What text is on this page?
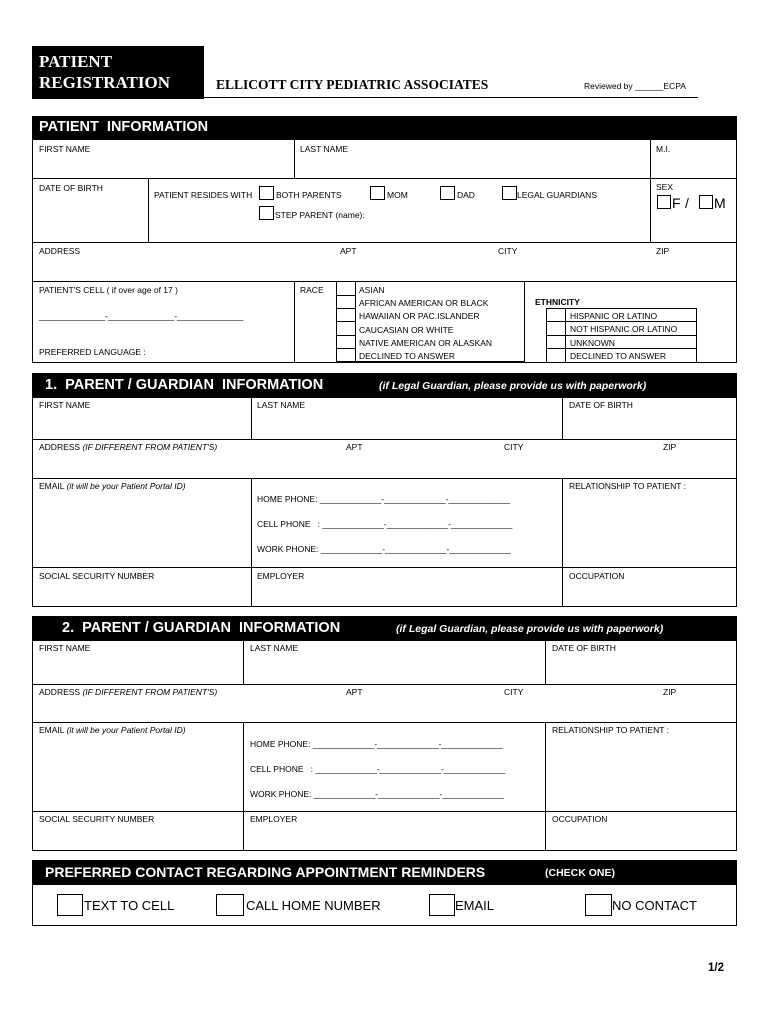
PATIENT
REGISTRATION	ELLICOTT CITY PEDIATRIC ASSOCIATES	Reviewed by ______ECPA
PATIENT  INFORMATION
FIRST NAME	LAST NAME	M.I.
DATE OF BIRTH
PATIENT RESIDES WITH	BOTH PARENTS	MOM	DAD	LEGAL GUARDIANS
STEP PARENT (name):
SEX
F / M
ADDRESS	APT	CITY	ZIP
PATIENT'S CELL ( if over age of 17 )
______________-______________-______________
PREFERRED LANGUAGE :
RACE	ASIAN
AFRICAN AMERICAN OR BLACK
HAWAIIAN OR PAC.ISLANDER
CAUCASIAN OR WHITE
NATIVE AMERICAN OR ALASKAN
DECLINED TO ANSWER
ETHNICITY
HISPANIC OR LATINO
NOT HISPANIC OR LATINO
UNKNOWN
DECLINED TO ANSWER
1.  PARENT / GUARDIAN  INFORMATION	(if Legal Guardian, please provide us with paperwork)
FIRST NAME	LAST NAME	DATE OF BIRTH
ADDRESS (IF DIFFERENT FROM PATIENT'S)	APT	CITY	ZIP
EMAIL (it will be your Patient Portal ID)
HOME PHONE: _____________-_____________-_____________
CELL PHONE   : _____________-_____________-_____________
WORK PHONE: _____________-_____________-_____________
RELATIONSHIP TO PATIENT :
SOCIAL SECURITY NUMBER	EMPLOYER	OCCUPATION
2.  PARENT / GUARDIAN  INFORMATION	(if Legal Guardian, please provide us with paperwork)
FIRST NAME	LAST NAME	DATE OF BIRTH
ADDRESS (IF DIFFERENT FROM PATIENT'S)	APT	CITY	ZIP
EMAIL (it will be your Patient Portal ID)
HOME PHONE: _____________-_____________-_____________
CELL PHONE   : _____________-_____________-_____________
WORK PHONE: _____________-_____________-_____________
RELATIONSHIP TO PATIENT :
SOCIAL SECURITY NUMBER	EMPLOYER	OCCUPATION
PREFERRED CONTACT REGARDING APPOINTMENT REMINDERS	(CHECK ONE)
TEXT TO CELL	CALL HOME NUMBER	EMAIL	NO CONTACT
1/2
